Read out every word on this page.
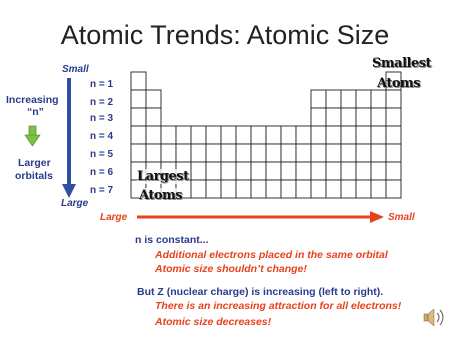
Atomic Trends: Atomic Size
Small
Increasing
“n”
Larger
orbitals
Large
n = 1
n = 2
n = 3
n = 4
n = 5
n = 6
n = 7
Smallest
Atoms
Largest
Atoms
Large	Small
n is constant...
Additional electrons placed in the same orbital
Atomic size shouldn’t change!
But Z (nuclear charge) is increasing (left to right).
There is an increasing attraction for all electrons!
Atomic size decreases!
